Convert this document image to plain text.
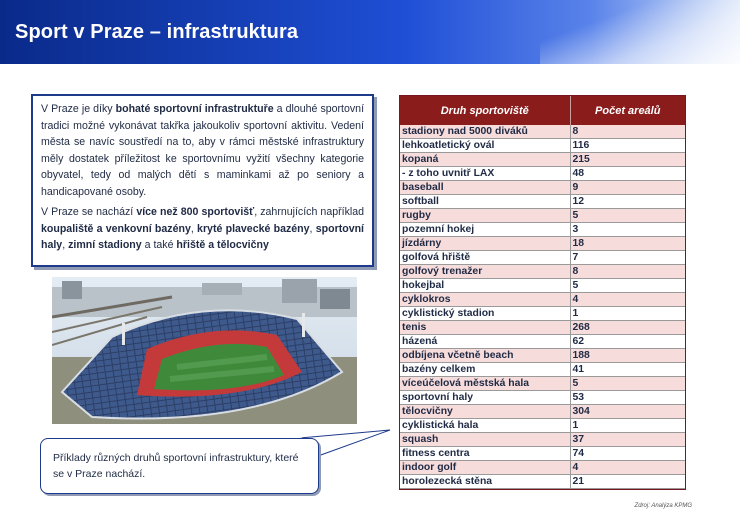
Sport v Praze – infrastruktura

V Praze je díky bohaté sportovní infrastruktuře a dlouhé sportovní tradici možné vykonávat takřka jakoukoliv sportovní aktivitu. Vedení města se navíc soustředí na to, aby v rámci městské infrastruktury měly dostatek příležitost ke sportovnímu vyžití všechny kategorie obyvatel, tedy od malých dětí s maminkami až po seniory a handicapované osoby.

V Praze se nachází více než 800 sportovišť, zahrnujících například koupaliště a venkovní bazény, kryté plavecké bazény, sportovní haly, zimní stadiony a také hřiště a tělocvičny

Příklady různých druhů sportovní infrastruktury, které se v Praze nachází.
Druh sportoviště	Počet areálů
stadiony nad 5000 diváků	8
lehkoatletický ovál	116
kopaná	215
- z toho uvnitř LAX	48
baseball	9
softball	12
rugby	5
pozemní hokej	3
jízdárny	18
golfová hřiště	7
golfový trenažer	8
hokejbal	5
cyklokros	4
cyklistický stadion	1
tenis	268
házená	62
odbíjena včetně beach	188
bazény celkem	41
víceúčelová městská hala	5
sportovní haly	53
tělocvičny	304
cyklistická hala	1
squash	37
fitness centra	74
indoor golf	4
horolezecká stěna	21
Zdroj: Analýza KPMG
